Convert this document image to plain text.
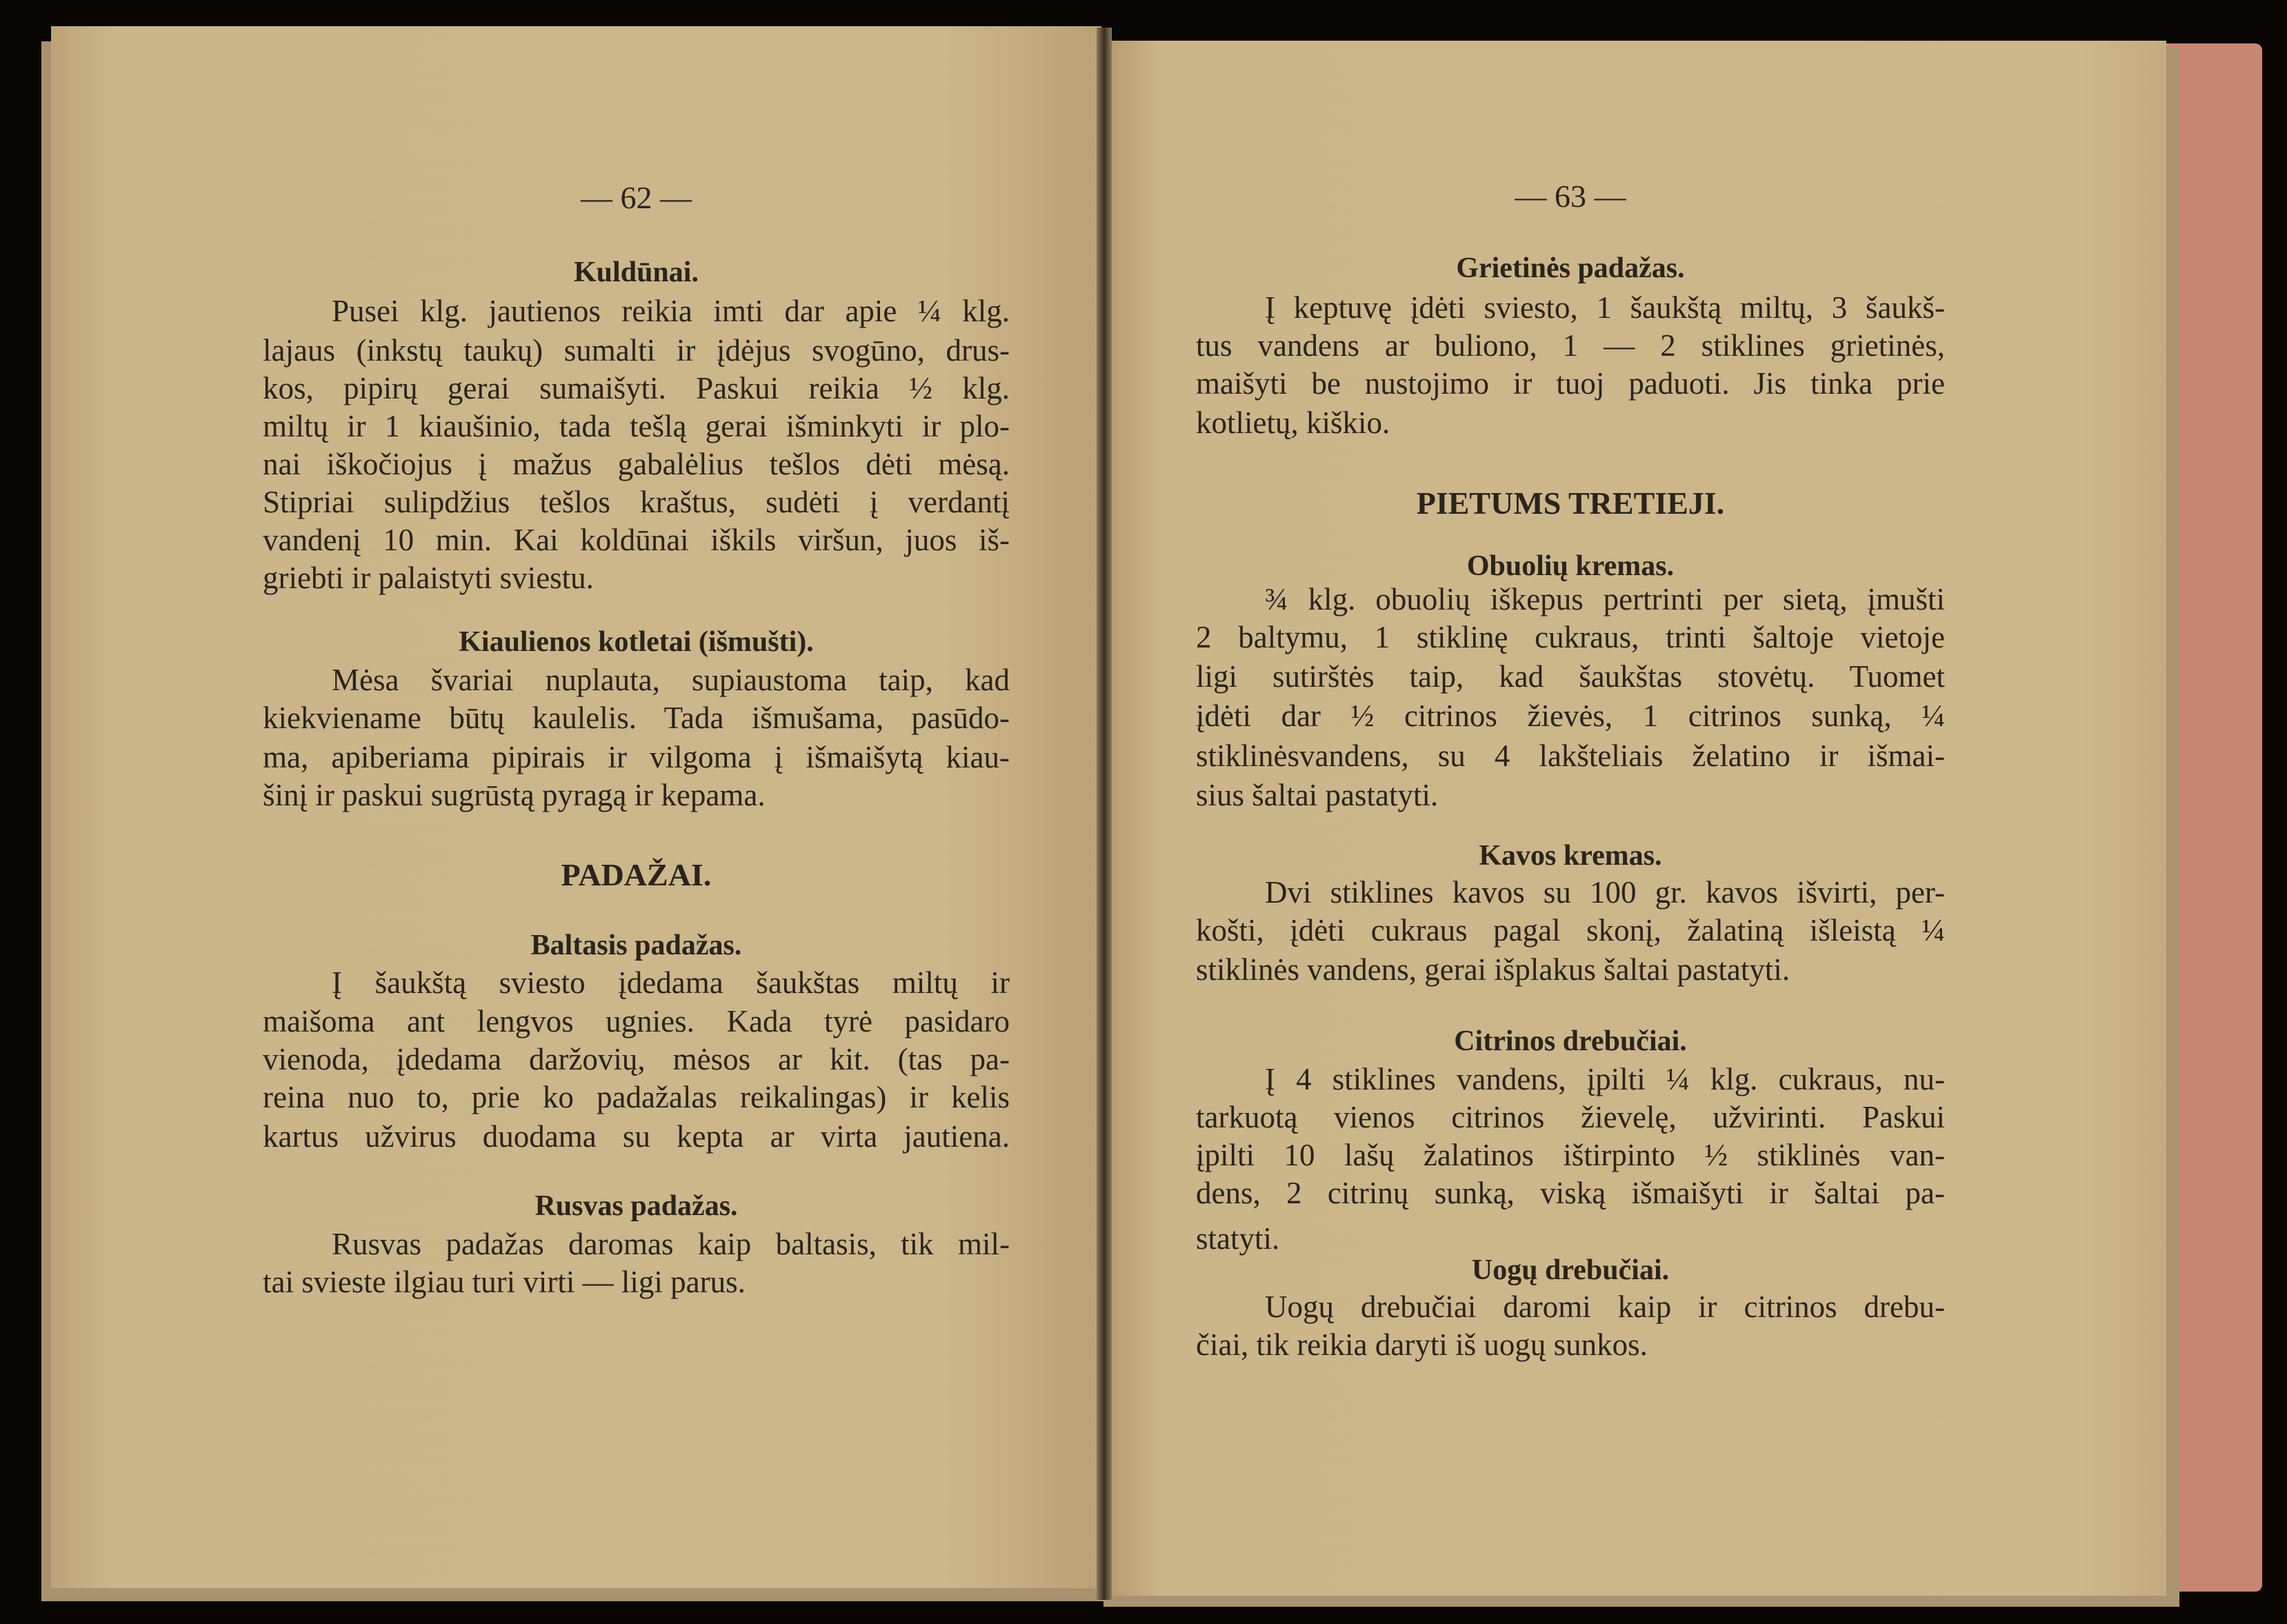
— 62 —
Kuldūnai.
Pusei klg. jautienos reikia imti dar apie ¼ klg.
lajaus (inkstų taukų) sumalti ir įdėjus svogūno, drus-
kos, pipirų gerai sumaišyti. Paskui reikia ½ klg.
miltų ir 1 kiaušinio, tada tešlą gerai išminkyti ir plo-
nai iškočiojus į mažus gabalėlius tešlos dėti mėsą.
Stipriai sulipdžius tešlos kraštus, sudėti į verdantį
vandenį 10 min. Kai koldūnai iškils viršun, juos iš-
griebti ir palaistyti sviestu.
Kiaulienos kotletai (išmušti).
Mėsa švariai nuplauta, supiaustoma taip, kad
kiekviename būtų kaulelis. Tada išmušama, pasūdo-
ma, apiberiama pipirais ir vilgoma į išmaišytą kiau-
šinį ir paskui sugrūstą pyragą ir kepama.
PADAŽAI.
Baltasis padažas.
Į šaukštą sviesto įdedama šaukštas miltų ir
maišoma ant lengvos ugnies. Kada tyrė pasidaro
vienoda, įdedama daržovių, mėsos ar kit. (tas pa-
reina nuo to, prie ko padažalas reikalingas) ir kelis
kartus užvirus duodama su kepta ar virta jautiena.
Rusvas padažas.
Rusvas padažas daromas kaip baltasis, tik mil-
tai svieste ilgiau turi virti — ligi parus.
— 63 —
Grietinės padažas.
Į keptuvę įdėti sviesto, 1 šaukštą miltų, 3 šaukš-
tus vandens ar buliono, 1 — 2 stiklines grietinės,
maišyti be nustojimo ir tuoj paduoti. Jis tinka prie
kotlietų, kiškio.
PIETUMS TRETIEJI.
Obuolių kremas.
¾ klg. obuolių iškepus pertrinti per sietą, įmušti
2 baltymu, 1 stiklinę cukraus, trinti šaltoje vietoje
ligi sutirštės taip, kad šaukštas stovėtų. Tuomet
įdėti dar ½ citrinos žievės, 1 citrinos sunką, ¼
stiklinėsvandens, su 4 lakšteliais želatino ir išmai-
sius šaltai pastatyti.
Kavos kremas.
Dvi stiklines kavos su 100 gr. kavos išvirti, per-
košti, įdėti cukraus pagal skonį, žalatiną išleistą ¼
stiklinės vandens, gerai išplakus šaltai pastatyti.
Citrinos drebučiai.
Į 4 stiklines vandens, įpilti ¼ klg. cukraus, nu-
tarkuotą vienos citrinos žievelę, užvirinti. Paskui
įpilti 10 lašų žalatinos ištirpinto ½ stiklinės van-
dens, 2 citrinų sunką, viską išmaišyti ir šaltai pa-
statyti.
Uogų drebučiai.
Uogų drebučiai daromi kaip ir citrinos drebu-
čiai, tik reikia daryti iš uogų sunkos.
